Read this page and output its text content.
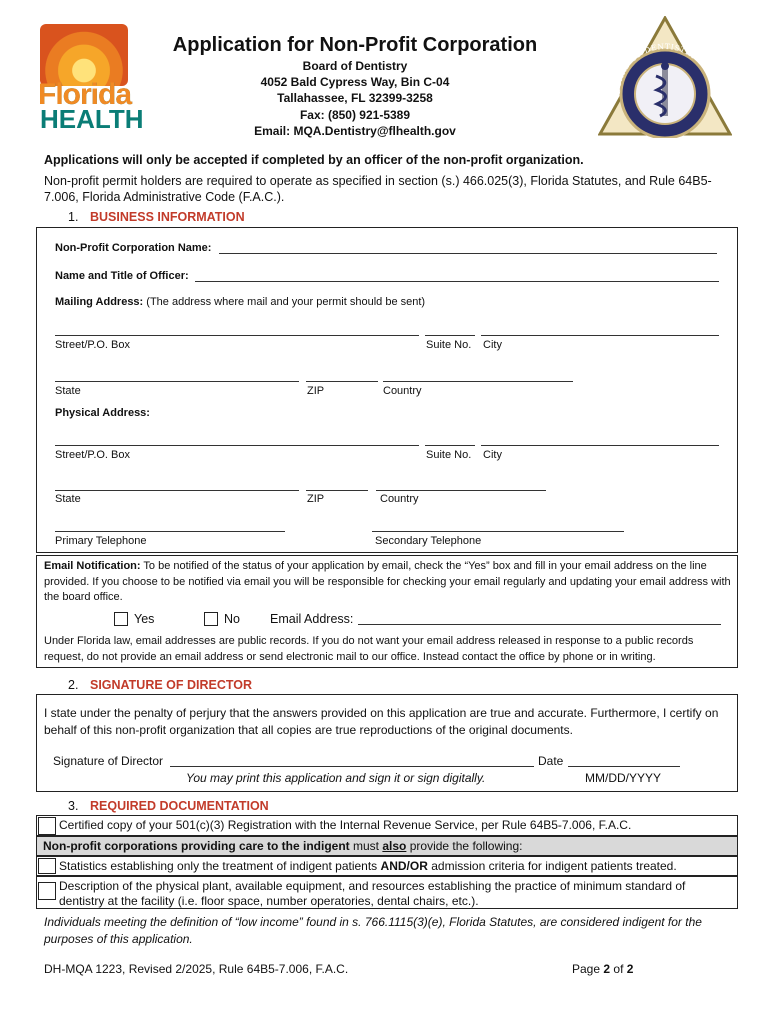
Florida
HEALTH
BOARD OF DENTISTRY
Application for Non-Profit Corporation
Board of Dentistry
4052 Bald Cypress Way, Bin C-04
Tallahassee, FL 32399-3258
Fax: (850) 921-5389
Email: MQA.Dentistry@flhealth.gov
Applications will only be accepted if completed by an officer of the non-profit organization.
Non-profit permit holders are required to operate as specified in section (s.) 466.025(3), Florida Statutes, and Rule 64B5-7.006, Florida Administrative Code (F.A.C.).
1. BUSINESS INFORMATION
Non-Profit Corporation Name:
Name and Title of Officer:
Mailing Address: (The address where mail and your permit should be sent)
Street/P.O. Box	Suite No. City
State	ZIP	Country
Physical Address:
Street/P.O. Box	Suite No. City
State	ZIP	Country
Primary Telephone	Secondary Telephone
Email Notification: To be notified of the status of your application by email, check the “Yes” box and fill in your email address on the line provided. If you choose to be notified via email you will be responsible for checking your email regularly and updating your email address with the board office.
Yes	No Email Address:
Under Florida law, email addresses are public records. If you do not want your email address released in response to a public records request, do not provide an email address or send electronic mail to our office. Instead contact the office by phone or in writing.
2. SIGNATURE OF DIRECTOR
I state under the penalty of perjury that the answers provided on this application are true and accurate. Furthermore, I certify on behalf of this non-profit organization that all copies are true reproductions of the original documents.
Signature of Director	Date
You may print this application and sign it or sign digitally.	MM/DD/YYYY
3. REQUIRED DOCUMENTATION
Certified copy of your 501(c)(3) Registration with the Internal Revenue Service, per Rule 64B5-7.006, F.A.C.
Non-profit corporations providing care to the indigent must also provide the following:
Statistics establishing only the treatment of indigent patients AND/OR admission criteria for indigent patients treated.
Description of the physical plant, available equipment, and resources establishing the practice of minimum standard of dentistry at the facility (i.e. floor space, number operatories, dental chairs, etc.).
Individuals meeting the definition of “low income” found in s. 766.1115(3)(e), Florida Statutes, are considered indigent for the purposes of this application.
DH-MQA 1223, Revised 2/2025, Rule 64B5-7.006, F.A.C.	Page 2 of 2
